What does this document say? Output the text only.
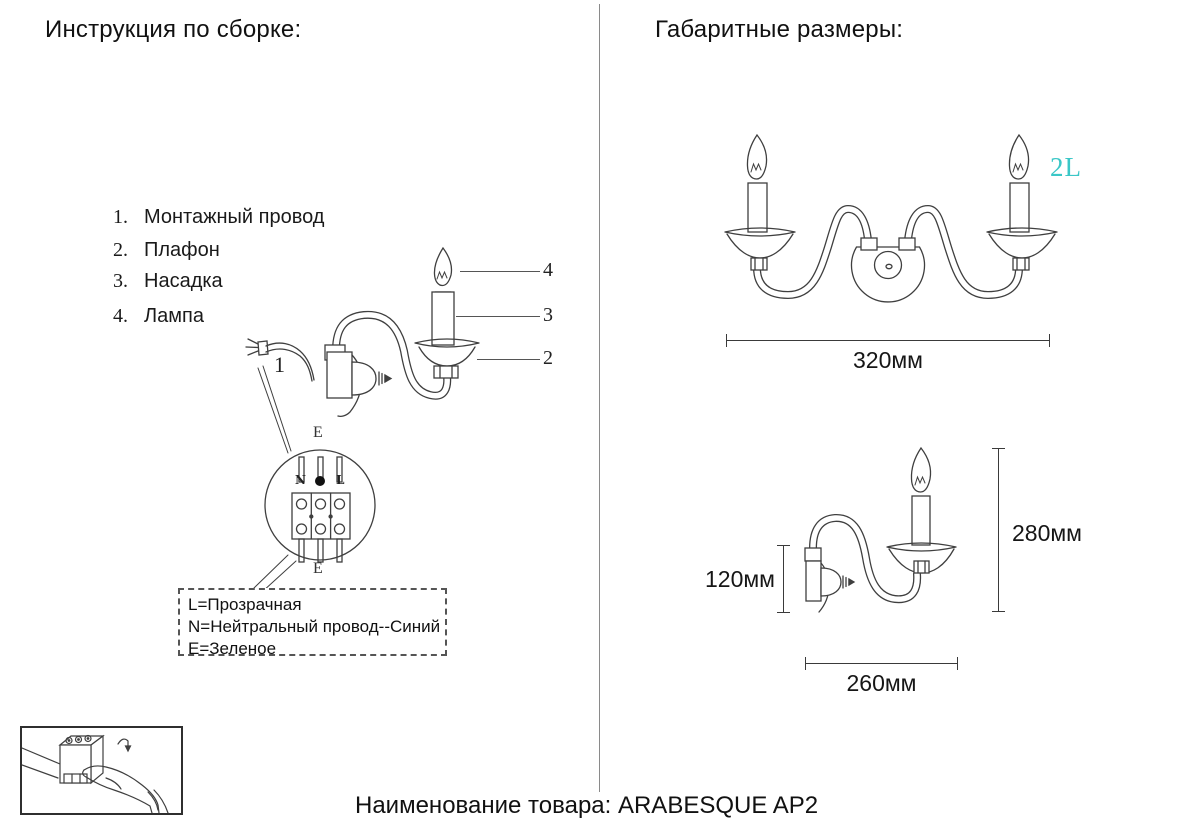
Инструкция по сборке:	Габаритные размеры:
1. Монтажный провод
2. Плафон
3. Насадка
4. Лампа
1
4
3
2
E
N	L
E
L=Прозрачная
N=Нейтральный провод--Синий
E=Зеленое
2L
320мм
120мм
280мм
260мм
Наименование товара: ARABESQUE AP2
